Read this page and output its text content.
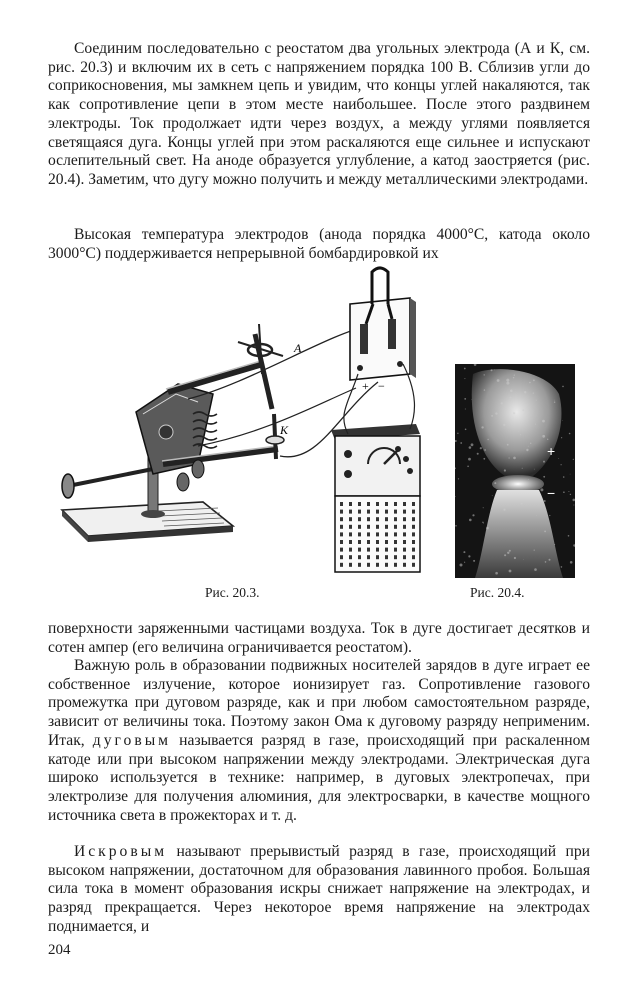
Соединим последовательно с реостатом два угольных электрода (А и К, см. рис. 20.3) и включим их в сеть с напряжением порядка 100 В. Сблизив угли до соприкосновения, мы замкнем цепь и увидим, что концы углей накаляются, так как сопротивление цепи в этом месте наибольшее. После этого раздвинем электроды. Ток продолжает идти через воздух, а между углями появляется светящаяся дуга. Концы углей при этом раскаляются еще сильнее и испускают ослепительный свет. На аноде образуется углубление, а катод заостряется (рис. 20.4). Заметим, что дугу можно получить и между металлическими электродами.

Высокая температура электродов (анода порядка 4000°С, катода около 3000°С) поддерживается непрерывной бомбардировкой их

А
К
+ −
+
−
Рис. 20.3.	Рис. 20.4.

поверхности заряженными частицами воздуха. Ток в дуге достигает десятков и сотен ампер (его величина ограничивается реостатом).

Важную роль в образовании подвижных носителей зарядов в дуге играет ее собственное излучение, которое ионизирует газ. Сопротивление газового промежутка при дуговом разряде, как и при любом самостоятельном разряде, зависит от величины тока. Поэтому закон Ома к дуговому разряду неприменим. Итак, дуговым называется разряд в газе, происходящий при раскаленном катоде или при высоком напряжении между электродами. Электрическая дуга широко используется в технике: например, в дуговых электропечах, при электролизе для получения алюминия, для электросварки, в качестве мощного источника света в прожекторах и т. д.

Искровым называют прерывистый разряд в газе, происходящий при высоком напряжении, достаточном для образования лавинного пробоя. Большая сила тока в момент образования искры снижает напряжение на электродах, и разряд прекращается. Через некоторое время напряжение на электродах поднимается, и

204
